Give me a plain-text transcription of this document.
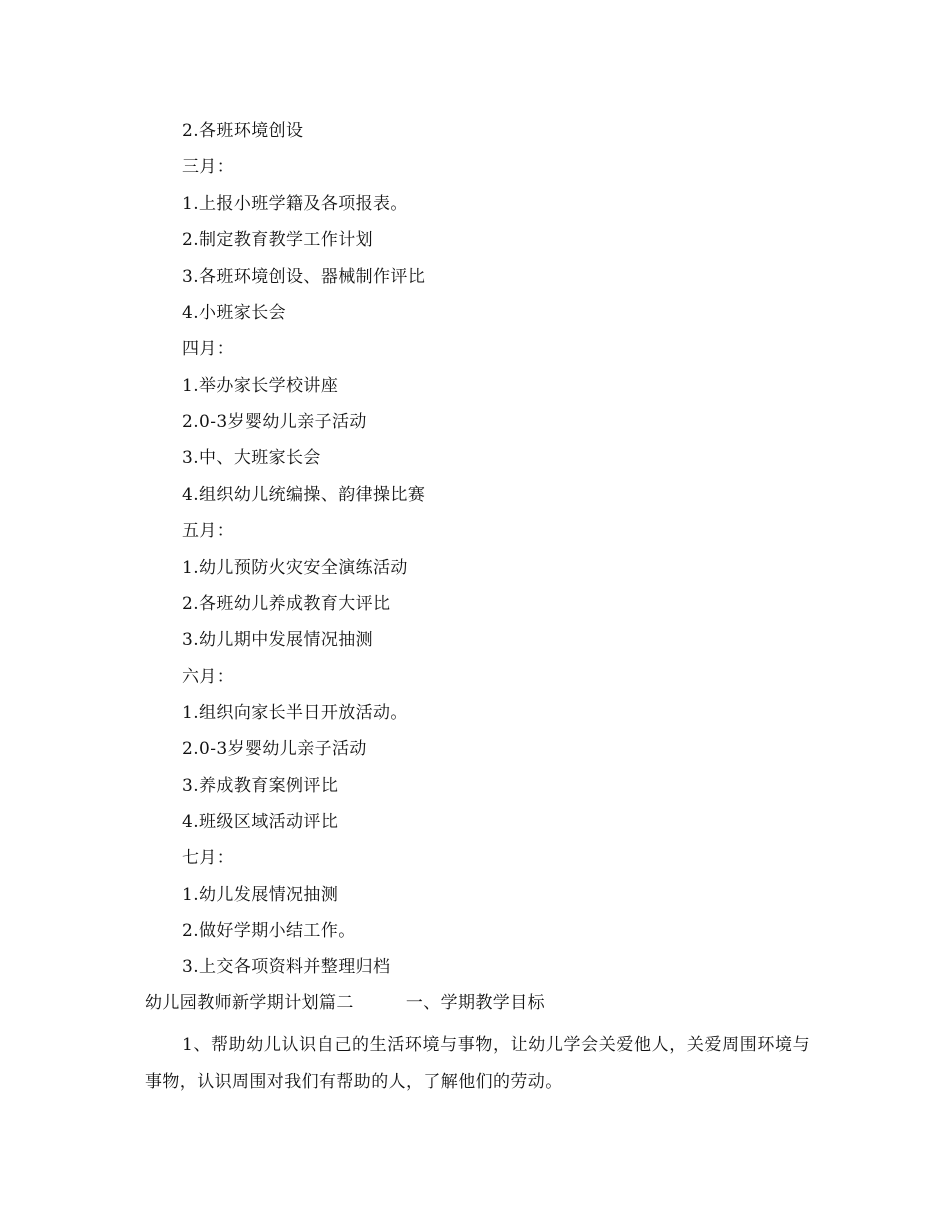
2.各班环境创设
三月：
1.上报小班学籍及各项报表。
2.制定教育教学工作计划
3.各班环境创设、器械制作评比
4.小班家长会
四月：
1.举办家长学校讲座
2.0-3岁婴幼儿亲子活动
3.中、大班家长会
4.组织幼儿统编操、韵律操比赛
五月：
1.幼儿预防火灾安全演练活动
2.各班幼儿养成教育大评比
3.幼儿期中发展情况抽测
六月：
1.组织向家长半日开放活动。
2.0-3岁婴幼儿亲子活动
3.养成教育案例评比
4.班级区域活动评比
七月：
1.幼儿发展情况抽测
2.做好学期小结工作。
3.上交各项资料并整理归档
幼儿园教师新学期计划篇二	一、学期教学目标
1、帮助幼儿认识自己的生活环境与事物，让幼儿学会关爱他人，关爱周围环境与事物，认识周围对我们有帮助的人，了解他们的劳动。
